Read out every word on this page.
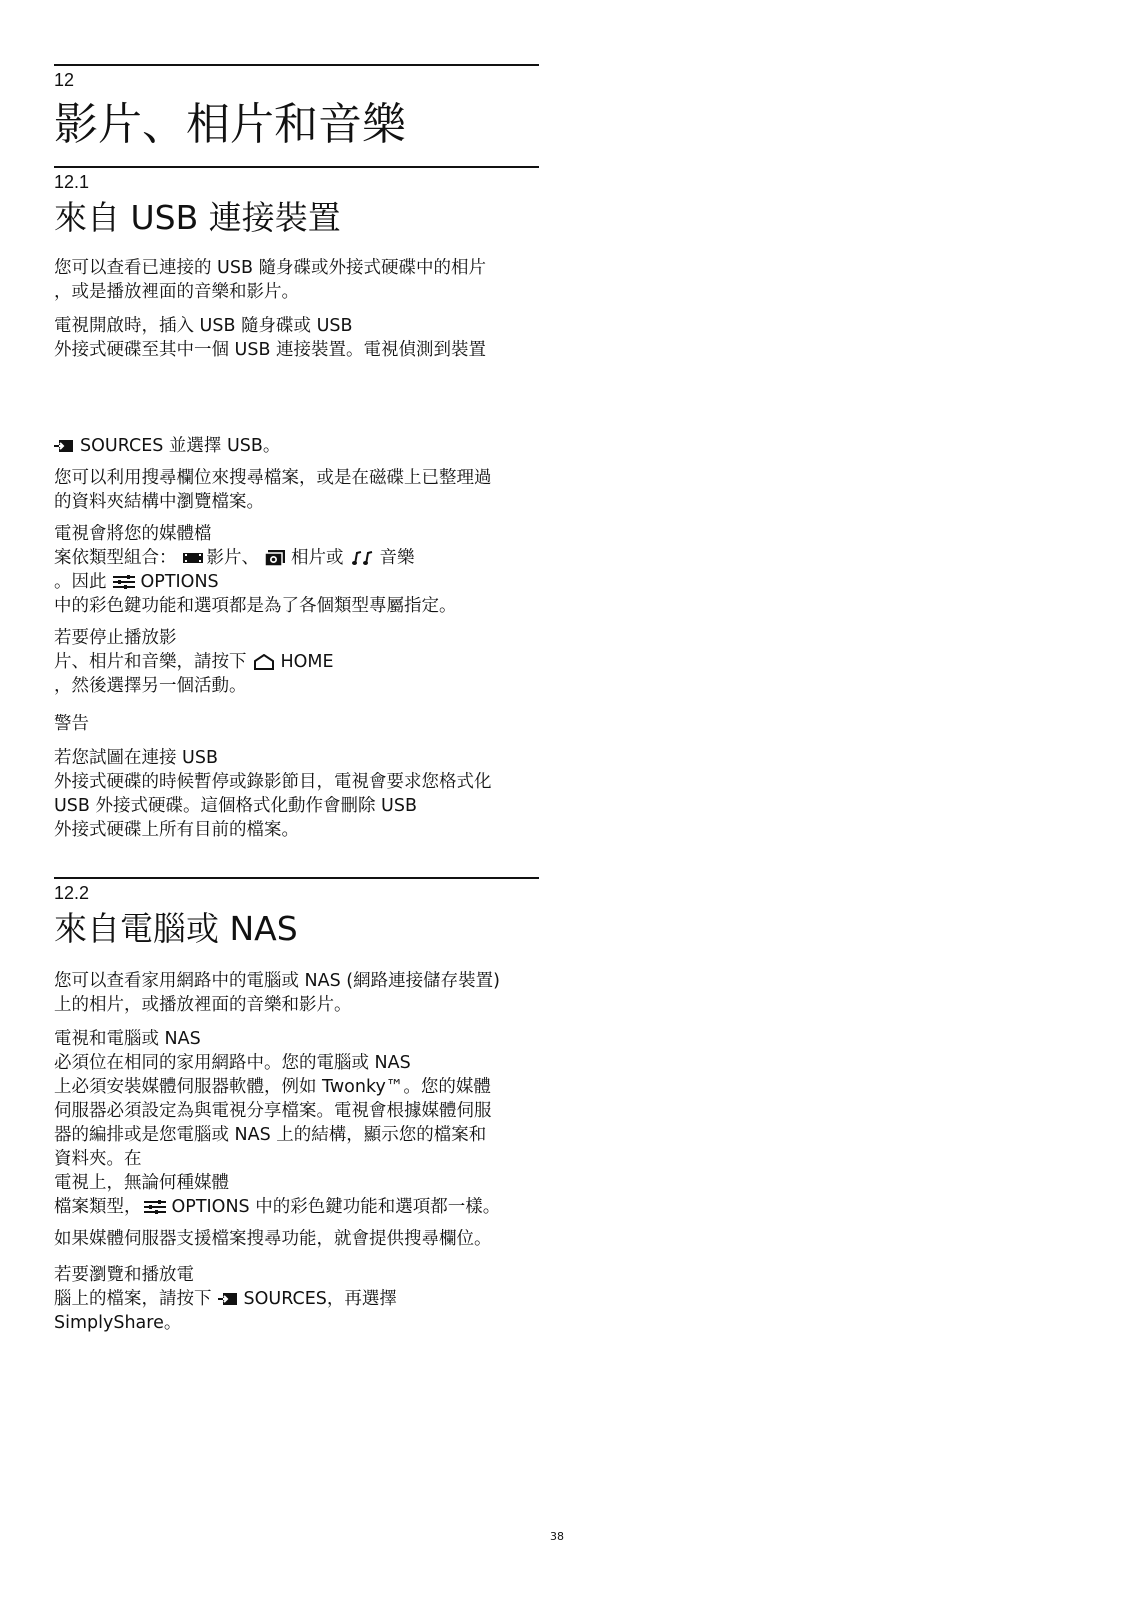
12
影片、相片和音樂
12.1
來自 USB 連接裝置
您可以查看已連接的 USB 隨身碟或外接式硬碟中的相片
，或是播放裡面的音樂和影片。
電視開啟時，插入 USB 隨身碟或 USB
外接式硬碟至其中一個 USB 連接裝置。電視偵測到裝置
SOURCES 並選擇 USB。
您可以利用搜尋欄位來搜尋檔案，或是在磁碟上已整理過
的資料夾結構中瀏覽檔案。
電視會將您的媒體檔
案依類型組合： 影片、 相片或 音樂
。因此 OPTIONS
中的彩色鍵功能和選項都是為了各個類型專屬指定。
若要停止播放影
片、相片和音樂，請按下 HOME
，然後選擇另一個活動。
警告
若您試圖在連接 USB
外接式硬碟的時候暫停或錄影節目，電視會要求您格式化
USB 外接式硬碟。這個格式化動作會刪除 USB
外接式硬碟上所有目前的檔案。
12.2
來自電腦或 NAS
您可以查看家用網路中的電腦或 NAS (網路連接儲存裝置)
上的相片，或播放裡面的音樂和影片。
電視和電腦或 NAS
必須位在相同的家用網路中。您的電腦或 NAS
上必須安裝媒體伺服器軟體，例如 Twonky™。您的媒體
伺服器必須設定為與電視分享檔案。電視會根據媒體伺服
器的編排或是您電腦或 NAS 上的結構，顯示您的檔案和
資料夾。在
電視上，無論何種媒體
檔案類型， OPTIONS 中的彩色鍵功能和選項都一樣。
如果媒體伺服器支援檔案搜尋功能，就會提供搜尋欄位。
若要瀏覽和播放電
腦上的檔案，請按下 SOURCES，再選擇
SimplyShare。
38
